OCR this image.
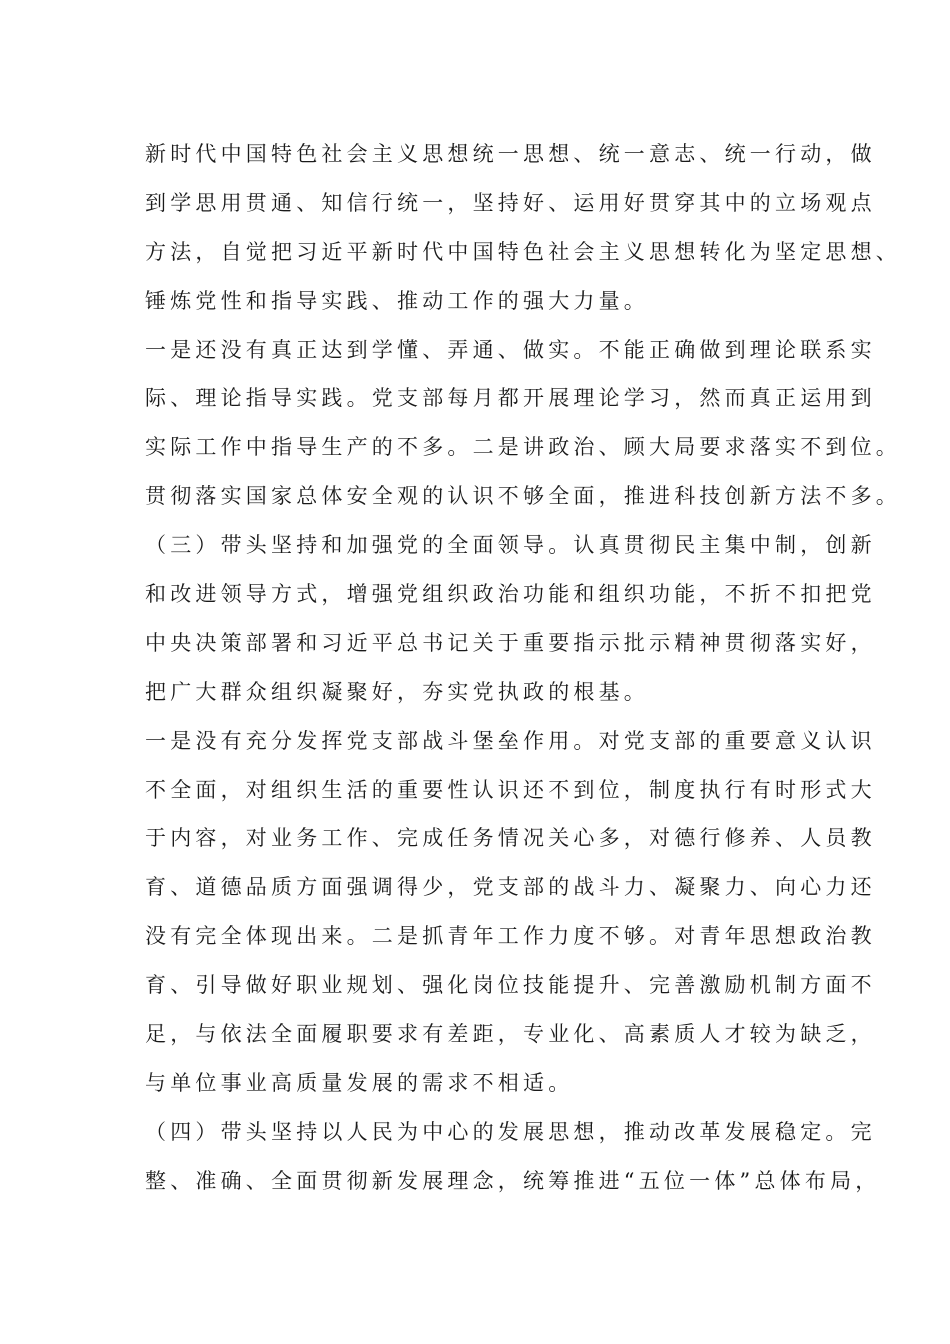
新时代中国特色社会主义思想统一思想、统一意志、统一行动，做
到学思用贯通、知信行统一，坚持好、运用好贯穿其中的立场观点
方法，自觉把习近平新时代中国特色社会主义思想转化为坚定思想、
锤炼党性和指导实践、推动工作的强大力量。
一是还没有真正达到学懂、弄通、做实。不能正确做到理论联系实
际、理论指导实践。党支部每月都开展理论学习，然而真正运用到
实际工作中指导生产的不多。二是讲政治、顾大局要求落实不到位。
贯彻落实国家总体安全观的认识不够全面，推进科技创新方法不多。
（三）带头坚持和加强党的全面领导。认真贯彻民主集中制，创新
和改进领导方式，增强党组织政治功能和组织功能，不折不扣把党
中央决策部署和习近平总书记关于重要指示批示精神贯彻落实好，
把广大群众组织凝聚好，夯实党执政的根基。
一是没有充分发挥党支部战斗堡垒作用。对党支部的重要意义认识
不全面，对组织生活的重要性认识还不到位，制度执行有时形式大
于内容，对业务工作、完成任务情况关心多，对德行修养、人员教
育、道德品质方面强调得少，党支部的战斗力、凝聚力、向心力还
没有完全体现出来。二是抓青年工作力度不够。对青年思想政治教
育、引导做好职业规划、强化岗位技能提升、完善激励机制方面不
足，与依法全面履职要求有差距，专业化、高素质人才较为缺乏，
与单位事业高质量发展的需求不相适。
（四）带头坚持以人民为中心的发展思想，推动改革发展稳定。完
整、准确、全面贯彻新发展理念，统筹推进“五位一体”总体布局，
